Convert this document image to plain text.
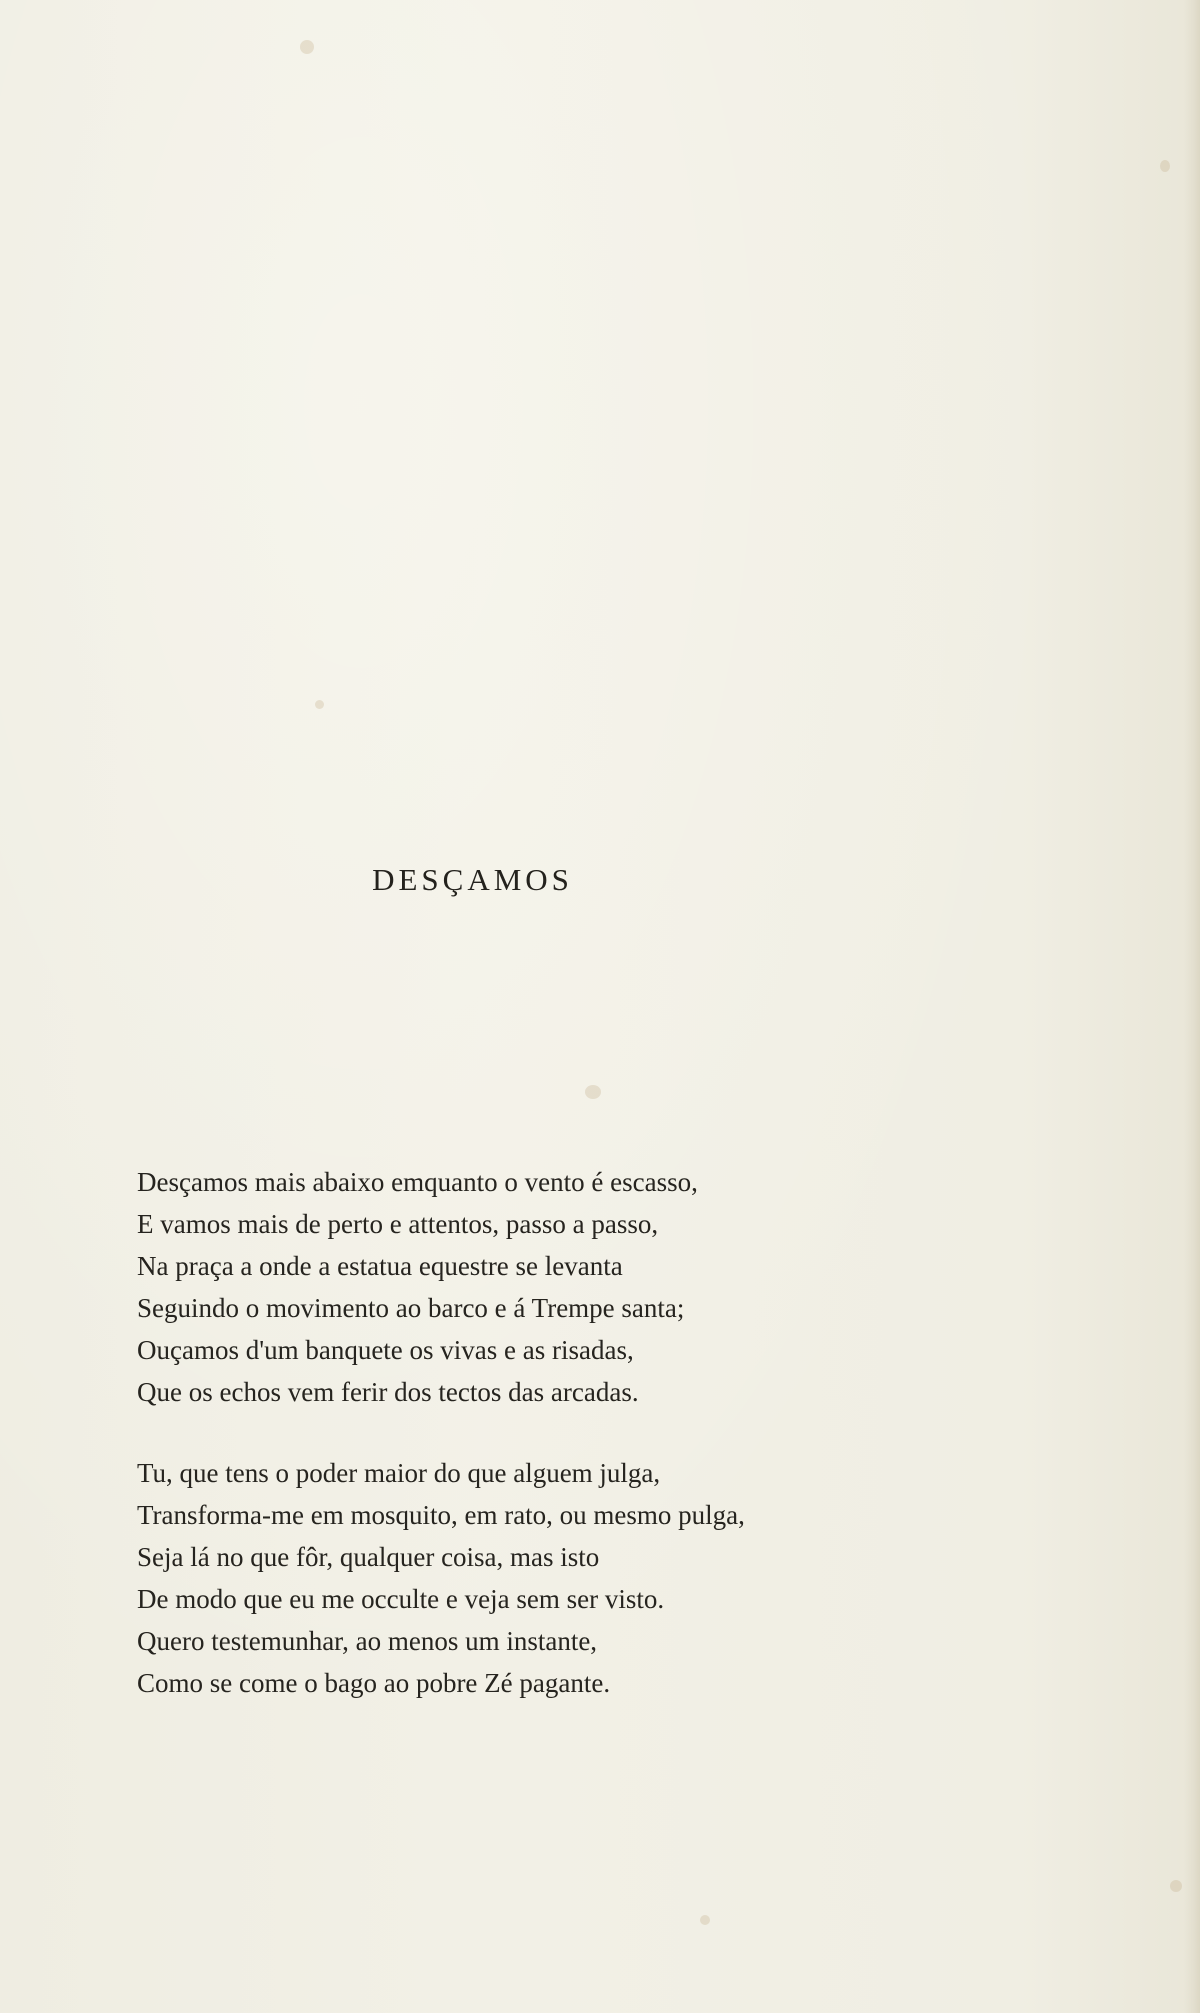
DESÇAMOS
Desçamos mais abaixo emquanto o vento é escasso,
E vamos mais de perto e attentos, passo a passo,
Na praça a onde a estatua equestre se levanta
Seguindo o movimento ao barco e á Trempe santa;
Ouçamos d'um banquete os vivas e as risadas,
Que os echos vem ferir dos tectos das arcadas.
Tu, que tens o poder maior do que alguem julga,
Transforma-me em mosquito, em rato, ou mesmo pulga,
Seja lá no que fôr, qualquer coisa, mas isto
De modo que eu me occulte e veja sem ser visto.
Quero testemunhar, ao menos um instante,
Como se come o bago ao pobre Zé pagante.
